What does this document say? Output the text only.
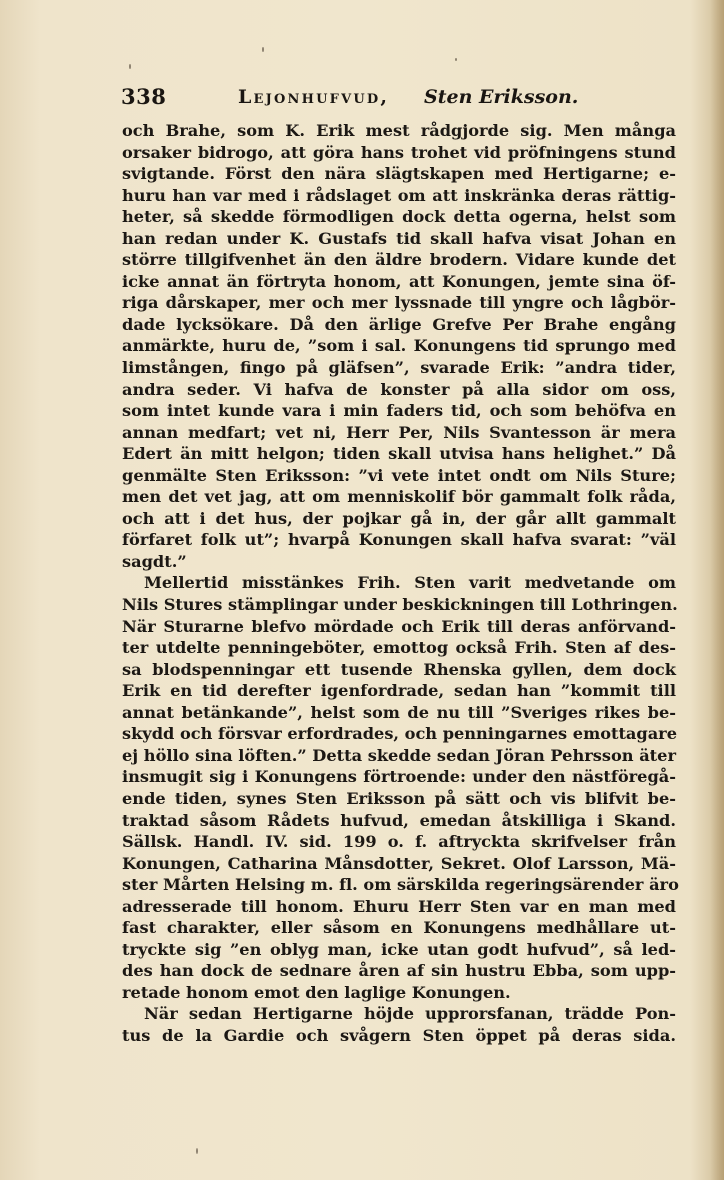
338	Lejonhufvud, Sten Eriksson.
och Brahe, som K. Erik mest rådgjorde sig. Men många
orsaker bidrogo, att göra hans trohet vid pröfningens stund
svigtande. Först den nära slägtskapen med Hertigarne; e-
huru han var med i rådslaget om att inskränka deras rättig-
heter, så skedde förmodligen dock detta ogerna, helst som
han redan under K. Gustafs tid skall hafva visat Johan en
större tillgifvenhet än den äldre brodern. Vidare kunde det
icke annat än förtryta honom, att Konungen, jemte sina öf-
riga dårskaper, mer och mer lyssnade till yngre och lågbör-
dade lycksökare. Då den ärlige Grefve Per Brahe engång
anmärkte, huru de, ”som i sal. Konungens tid sprungo med
limstången, fingo på gläfsen”, svarade Erik: ”andra tider,
andra seder. Vi hafva de konster på alla sidor om oss,
som intet kunde vara i min faders tid, och som behöfva en
annan medfart; vet ni, Herr Per, Nils Svantesson är mera
Edert än mitt helgon; tiden skall utvisa hans helighet.” Då
genmälte Sten Eriksson: ”vi vete intet ondt om Nils Sture;
men det vet jag, att om menniskolif bör gammalt folk råda,
och att i det hus, der pojkar gå in, der går allt gammalt
förfaret folk ut”; hvarpå Konungen skall hafva svarat: ”väl
sagdt.”
Mellertid misstänkes Frih. Sten varit medvetande om
Nils Stures stämplingar under beskickningen till Lothringen.
När Sturarne blefvo mördade och Erik till deras anförvand-
ter utdelte penningeböter, emottog också Frih. Sten af des-
sa blodspenningar ett tusende Rhenska gyllen, dem dock
Erik en tid derefter igenfordrade, sedan han ”kommit till
annat betänkande”, helst som de nu till ”Sveriges rikes be-
skydd och försvar erfordrades, och penningarnes emottagare
ej höllo sina löften.” Detta skedde sedan Jöran Pehrsson äter
insmugit sig i Konungens förtroende: under den nästföregå-
ende tiden, synes Sten Eriksson på sätt och vis blifvit be-
traktad såsom Rådets hufvud, emedan åtskilliga i Skand.
Sällsk. Handl. IV. sid. 199 o. f. aftryckta skrifvelser från
Konungen, Catharina Månsdotter, Sekret. Olof Larsson, Mä-
ster Mårten Helsing m. fl. om särskilda regeringsärender äro
adresserade till honom. Ehuru Herr Sten var en man med
fast charakter, eller såsom en Konungens medhållare ut-
tryckte sig ”en oblyg man, icke utan godt hufvud”, så led-
des han dock de sednare åren af sin hustru Ebba, som upp-
retade honom emot den laglige Konungen.
När sedan Hertigarne höjde upprorsfanan, trädde Pon-
tus de la Gardie och svågern Sten öppet på deras sida.
